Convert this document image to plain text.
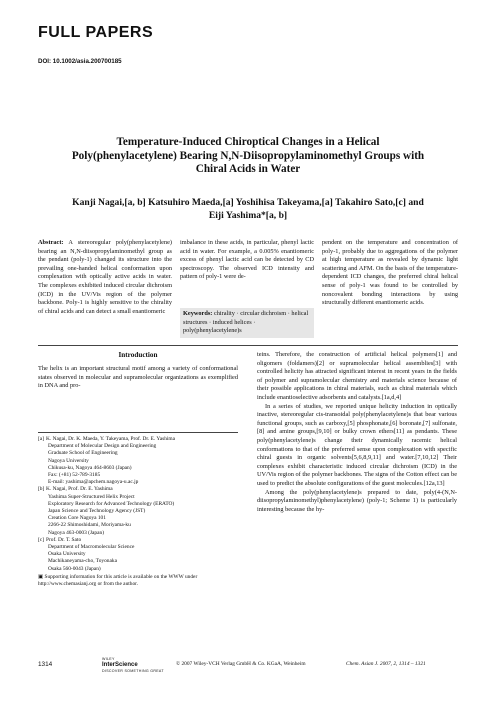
FULL PAPERS
DOI: 10.1002/asia.200700185
Temperature-Induced Chiroptical Changes in a Helical
Poly(phenylacetylene) Bearing N,N-Diisopropylaminomethyl Groups with
Chiral Acids in Water
Kanji Nagai,[a, b] Katsuhiro Maeda,[a] Yoshihisa Takeyama,[a] Takahiro Sato,[c] and
Eiji Yashima*[a, b]
Abstract: A stereoregular poly(phenylacetylene) bearing an N,N-diisopropylaminomethyl group as the pendant (poly-1) changed its structure into the prevailing one-handed helical conformation upon complexation with optically active acids in water. The complexes exhibited induced circular dichroism (ICD) in the UV/Vis region of the polymer backbone. Poly-1 is highly sensitive to the chirality of chiral acids and can detect a small enantiomeric
imbalance in these acids, in particular, phenyl lactic acid in water. For example, a 0.005% enantiomeric excess of phenyl lactic acid can be detected by CD spectroscopy. The observed ICD intensity and pattern of poly-1 were de-
Keywords: chirality · circular dichroism · helical structures · induced helices · poly(phenylacetylene)s
pendent on the temperature and concentration of poly-1, probably due to aggregations of the polymer at high temperature as revealed by dynamic light scattering and AFM. On the basis of the temperature-dependent ICD changes, the preferred chiral helical sense of poly-1 was found to be controlled by noncovalent bonding interactions by using structurally different enantiomeric acids.
Introduction
The helix is an important structural motif among a variety of conformational states observed in molecular and supramolecular organizations as exemplified in DNA and pro-
[a] K. Nagai, Dr. K. Maeda, Y. Takeyama, Prof. Dr. E. Yashima
Department of Molecular Design and Engineering
Graduate School of Engineering
Nagoya University
Chikusa-ku, Nagoya 464-8603 (Japan)
Fax: (+81) 52-789-3185
E-mail: yashima@apchem.nagoya-u.ac.jp
[b] K. Nagai, Prof. Dr. E. Yashima
Yashima Super-Structured Helix Project
Exploratory Research for Advanced Technology (ERATO)
Japan Science and Technology Agency (JST)
Creation Core Nagoya 101
2266-22 Shimoshidami, Moriyama-ku
Nagoya 463-0003 (Japan)
[c] Prof. Dr. T. Sato
Department of Macromolecular Science
Osaka University
Machikaneyama-cho, Toyonaka
Osaka 560-0043 (Japan)
▣ Supporting information for this article is available on the WWW under http://www.chemasianj.org or from the author.
teins. Therefore, the construction of artificial helical polymers[1] and oligomers (foldamers)[2] or supramolecular helical assemblies[3] with controlled helicity has attracted significant interest in recent years in the fields of polymer and supramolecular chemistry and materials science because of their possible applications in chiral materials, such as chiral materials which include enantioselective adsorbents and catalysts.[1a,d,4]
In a series of studies, we reported unique helicity induction in optically inactive, stereoregular cis-transoidal poly(phenylacetylene)s that bear various functional groups, such as carboxy,[5] phosphonate,[6] boronate,[7] sulfonate,[8] and amine groups,[9,10] or bulky crown ethers[11] as pendants. These poly(phenylacetylene)s change their dynamically racemic helical conformations to that of the preferred sense upon complexation with specific chiral guests in organic solvents[5,6,8,9,11] and water.[7,10,12] Their complexes exhibit characteristic induced circular dichroism (ICD) in the UV/Vis region of the polymer backbones. The signs of the Cotton effect can be used to predict the absolute configurations of the guest molecules.[12a,13]
Among the poly(phenylacetylene)s prepared to date, poly(4-(N,N-diisopropylaminomethyl)phenylacetylene) (poly-1; Scheme 1) is particularly interesting because the hy-
1314
WILEY
InterScience
DISCOVER SOMETHING GREAT
© 2007 Wiley-VCH Verlag GmbH & Co. KGaA, Weinheim	Chem. Asian J. 2007, 2, 1314 – 1321
